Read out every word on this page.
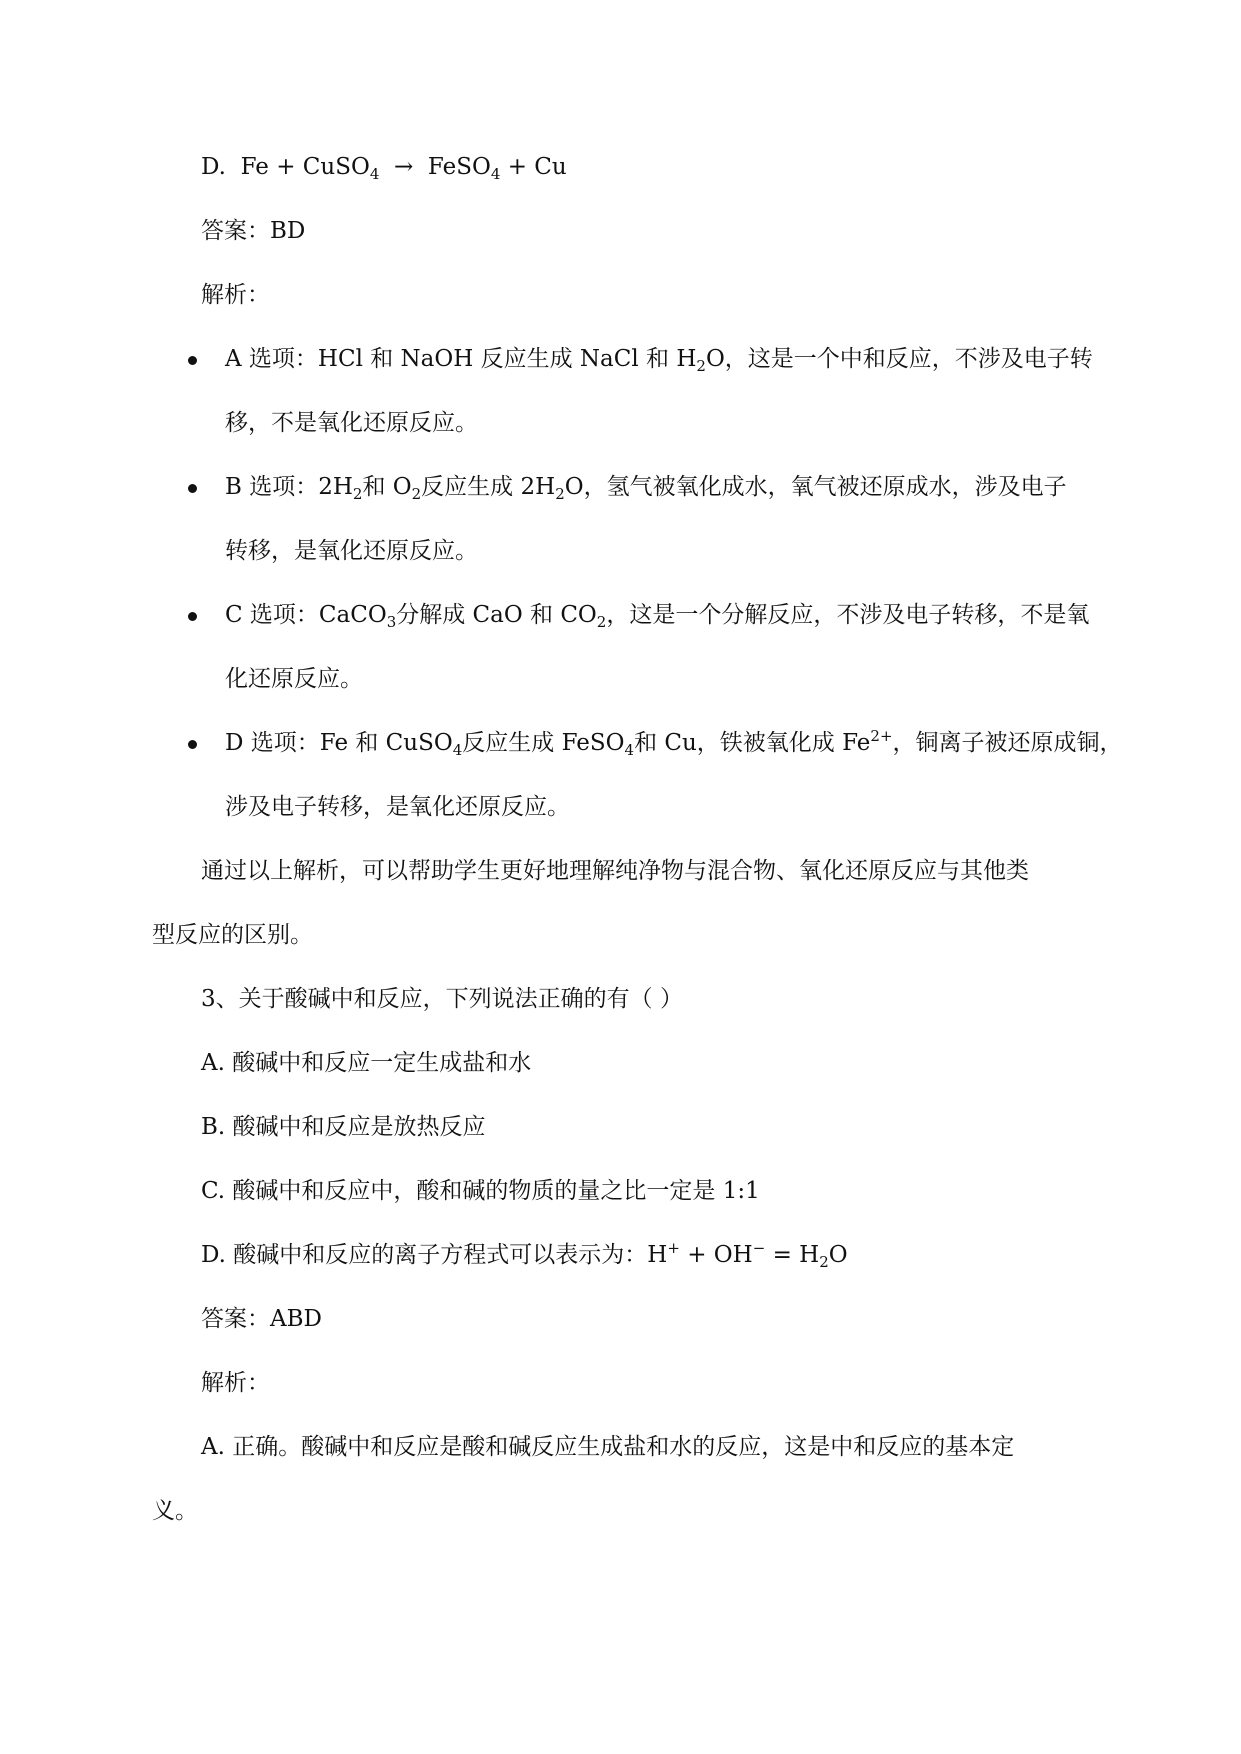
D. Fe + CuSO$_4$ → FeSO$_4$ + Cu

答案：BD

解析：

A 选项：HCl 和 NaOH 反应生成 NaCl 和 $H_2O$，这是一个中和反应，不涉及电子转

移，不是氧化还原反应。

B 选项：$2H_2$和 $O_2$反应生成 $2H_2O$，氢气被氧化成水，氧气被还原成水，涉及电子

转移，是氧化还原反应。

C 选项：CaCO$_3$分解成 CaO 和 $CO_2$，这是一个分解反应，不涉及电子转移，不是氧

化还原反应。

D 选项：Fe 和 CuSO$_4$反应生成 FeSO$_4$和 Cu，铁被氧化成 $Fe^{2+}$，铜离子被还原成铜，

涉及电子转移，是氧化还原反应。

通过以上解析，可以帮助学生更好地理解纯净物与混合物、氧化还原反应与其他类

型反应的区别。

3、关于酸碱中和反应，下列说法正确的有（ ）

A. 酸碱中和反应一定生成盐和水

B. 酸碱中和反应是放热反应

C. 酸碱中和反应中，酸和碱的物质的量之比一定是 1:1

D. 酸碱中和反应的离子方程式可以表示为：$H^+ + OH^- = H_2O$

答案：ABD

解析：

A. 正确。酸碱中和反应是酸和碱反应生成盐和水的反应，这是中和反应的基本定

义。
